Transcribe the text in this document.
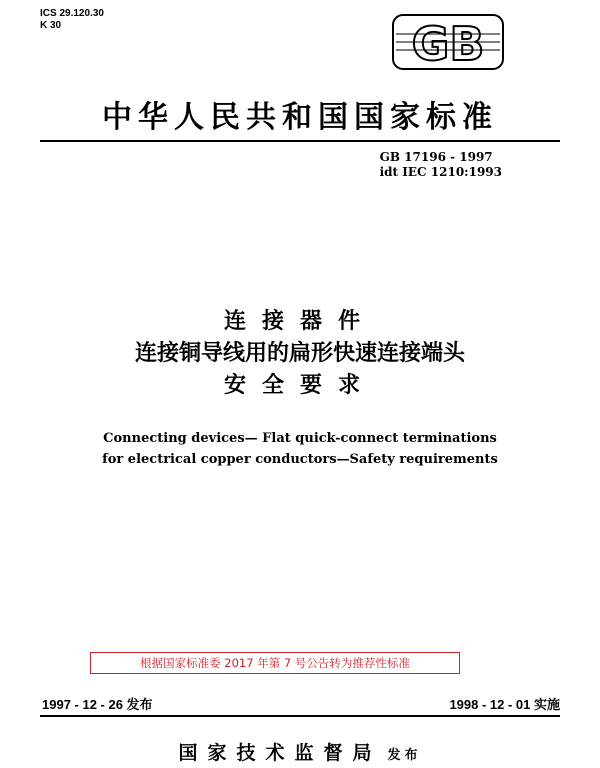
ICS 29.120.30
K 30	GB
中华人民共和国国家标准
GB 17196 - 1997
idt IEC 1210:1993
连接器件
连接铜导线用的扁形快速连接端头
安全要求
Connecting devices— Flat quick-connect terminations
for electrical copper conductors—Safety requirements
根据国家标准委 2017 年第 7 号公告转为推荐性标准
1997 - 12 - 26 发布	1998 - 12 - 01 实施
国家技术监督局 发布
